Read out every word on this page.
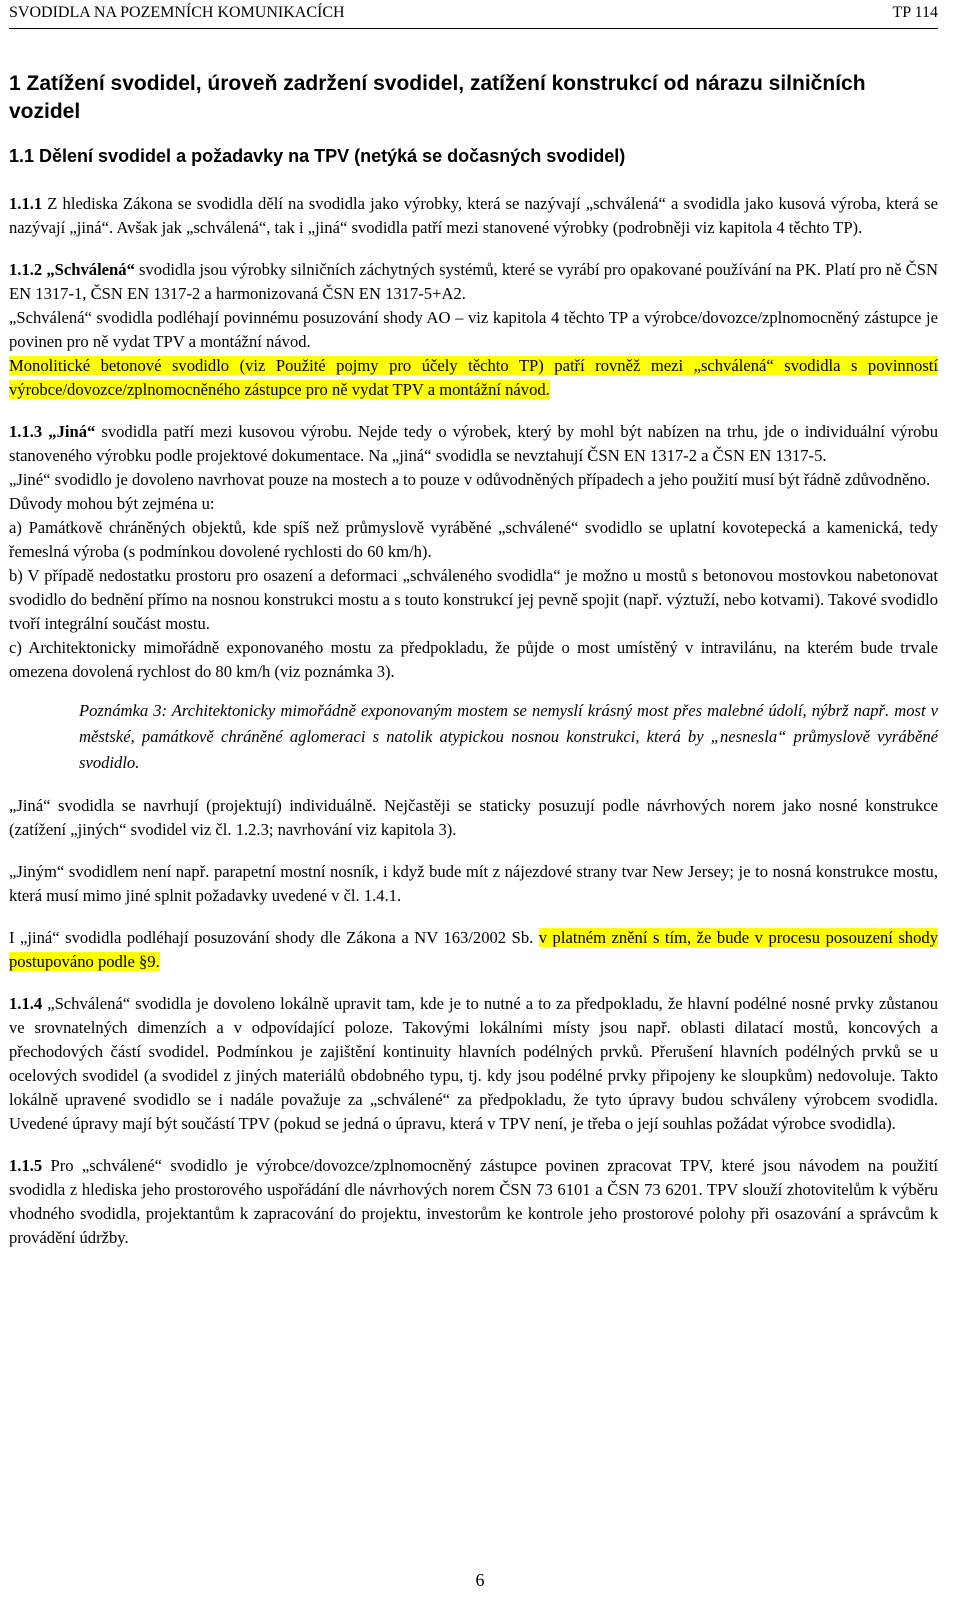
SVODIDLA NA POZEMNÍCH KOMUNIKACÍCH	TP 114
1 Zatížení svodidel, úroveň zadržení svodidel, zatížení konstrukcí od nárazu silničních vozidel
1.1 Dělení svodidel a požadavky na TPV (netýká se dočasných svodidel)

1.1.1 Z hlediska Zákona se svodidla dělí na svodidla jako výrobky, která se nazývají „schválená“ a svodidla jako kusová výroba, která se nazývají „jiná“. Avšak jak „schválená“, tak i „jiná“ svodidla patří mezi stanovené výrobky (podrobněji viz kapitola 4 těchto TP).

1.1.2 „Schválená“ svodidla jsou výrobky silničních záchytných systémů, které se vyrábí pro opakované používání na PK. Platí pro ně ČSN EN 1317-1, ČSN EN 1317-2 a harmonizovaná ČSN EN 1317-5+A2.

„Schválená“ svodidla podléhají povinnému posuzování shody AO – viz kapitola 4 těchto TP a výrobce/dovozce/zplnomocněný zástupce je povinen pro ně vydat TPV a montážní návod.

Monolitické betonové svodidlo (viz Použité pojmy pro účely těchto TP) patří rovněž mezi „schválená“ svodidla s povinností výrobce/dovozce/zplnomocněného zástupce pro ně vydat TPV a montážní návod.

1.1.3 „Jiná“ svodidla patří mezi kusovou výrobu. Nejde tedy o výrobek, který by mohl být nabízen na trhu, jde o individuální výrobu stanoveného výrobku podle projektové dokumentace. Na „jiná“ svodidla se nevztahují ČSN EN 1317-2 a ČSN EN 1317-5.

„Jiné“ svodidlo je dovoleno navrhovat pouze na mostech a to pouze v odůvodněných případech a jeho použití musí být řádně zdůvodněno.

Důvody mohou být zejména u:

a) Památkově chráněných objektů, kde spíš než průmyslově vyráběné „schválené“ svodidlo se uplatní kovotepecká a kamenická, tedy řemeslná výroba (s podmínkou dovolené rychlosti do 60 km/h).

b) V případě nedostatku prostoru pro osazení a deformaci „schváleného svodidla“ je možno u mostů s betonovou mostovkou nabetonovat svodidlo do bednění přímo na nosnou konstrukci mostu a s touto konstrukcí jej pevně spojit (např. výztuží, nebo kotvami). Takové svodidlo tvoří integrální součást mostu.

c) Architektonicky mimořádně exponovaného mostu za předpokladu, že půjde o most umístěný v intravilánu, na kterém bude trvale omezena dovolená rychlost do 80 km/h (viz poznámka 3).

Poznámka 3: Architektonicky mimořádně exponovaným mostem se nemyslí krásný most přes malebné údolí, nýbrž např. most v městské, památkově chráněné aglomeraci s natolik atypickou nosnou konstrukci, která by „nesnesla“ průmyslově vyráběné svodidlo.

„Jiná“ svodidla se navrhují (projektují) individuálně. Nejčastěji se staticky posuzují podle návrhových norem jako nosné konstrukce (zatížení „jiných“ svodidel viz čl. 1.2.3; navrhování viz kapitola 3).

„Jiným“ svodidlem není např. parapetní mostní nosník, i když bude mít z nájezdové strany tvar New Jersey; je to nosná konstrukce mostu, která musí mimo jiné splnit požadavky uvedené v čl. 1.4.1.

I „jiná“ svodidla podléhají posuzování shody dle Zákona a NV 163/2002 Sb. v platném znění s tím, že bude v procesu posouzení shody postupováno podle §9.

1.1.4 „Schválená“ svodidla je dovoleno lokálně upravit tam, kde je to nutné a to za předpokladu, že hlavní podélné nosné prvky zůstanou ve srovnatelných dimenzích a v odpovídající poloze. Takovými lokálními místy jsou např. oblasti dilatací mostů, koncových a přechodových částí svodidel. Podmínkou je zajištění kontinuity hlavních podélných prvků. Přerušení hlavních podélných prvků se u ocelových svodidel (a svodidel z jiných materiálů obdobného typu, tj. kdy jsou podélné prvky připojeny ke sloupkům) nedovoluje. Takto lokálně upravené svodidlo se i nadále považuje za „schválené“ za předpokladu, že tyto úpravy budou schváleny výrobcem svodidla. Uvedené úpravy mají být součástí TPV (pokud se jedná o úpravu, která v TPV není, je třeba o její souhlas požádat výrobce svodidla).

1.1.5 Pro „schválené“ svodidlo je výrobce/dovozce/zplnomocněný zástupce povinen zpracovat TPV, které jsou návodem na použití svodidla z hlediska jeho prostorového uspořádání dle návrhových norem ČSN 73 6101 a ČSN 73 6201. TPV slouží zhotovitelům k výběru vhodného svodidla, projektantům k zapracování do projektu, investorům ke kontrole jeho prostorové polohy při osazování a správcům k provádění údržby.

6
